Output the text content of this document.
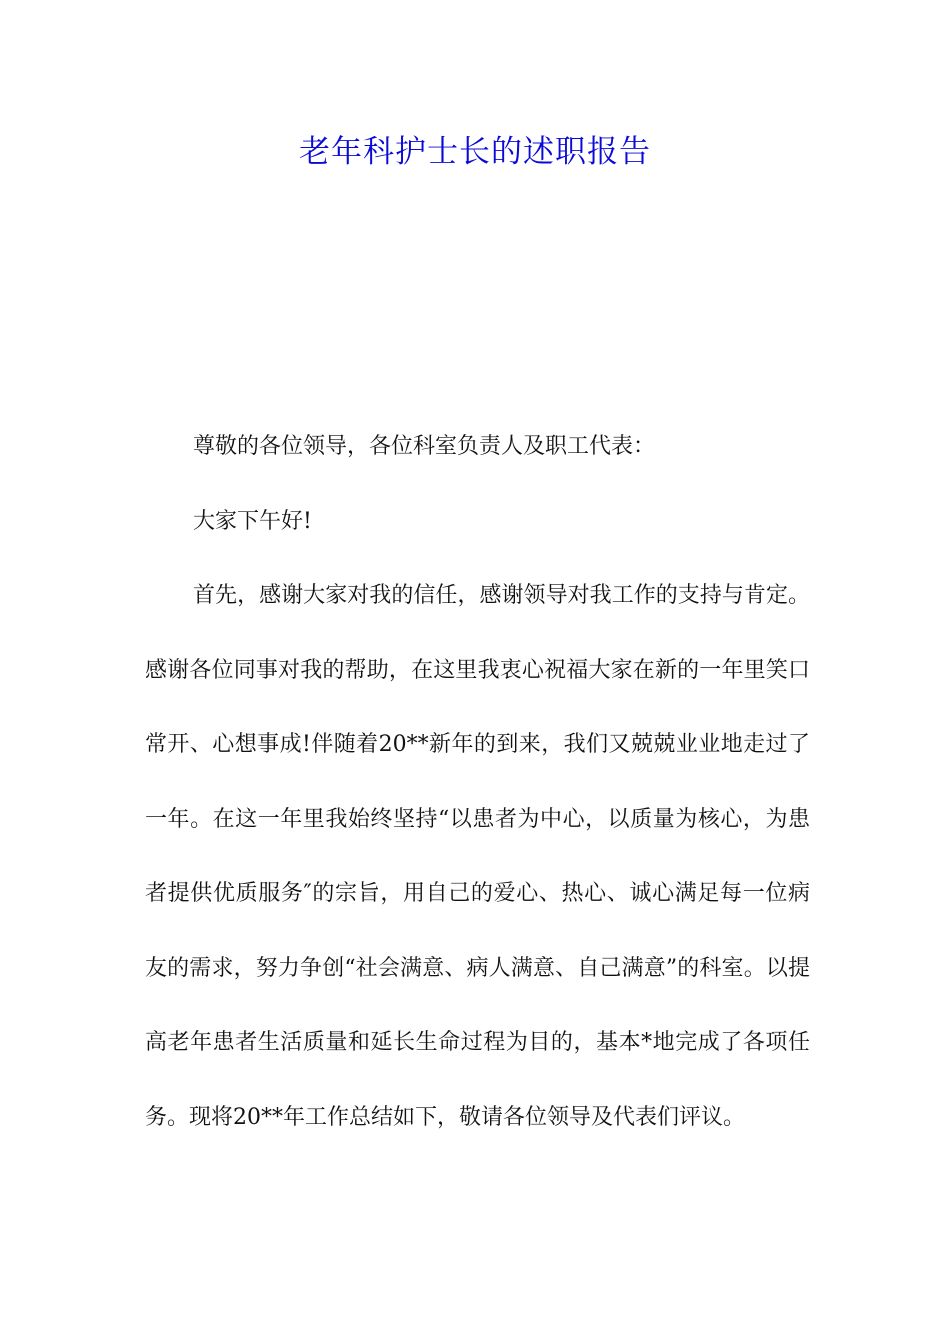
老年科护士长的述职报告

尊敬的各位领导，各位科室负责人及职工代表：

大家下午好!

首先，感谢大家对我的信任，感谢领导对我工作的支持与肯定。感谢各位同事对我的帮助，在这里我衷心祝福大家在新的一年里笑口常开、心想事成!伴随着20**新年的到来，我们又兢兢业业地走过了一年。在这一年里我始终坚持“以患者为中心，以质量为核心，为患者提供优质服务″的宗旨，用自己的爱心、热心、诚心满足每一位病友的需求，努力争创“社会满意、病人满意、自己满意”的科室。以提高老年患者生活质量和延长生命过程为目的，基本*地完成了各项任务。现将20**年工作总结如下，敬请各位领导及代表们评议。
